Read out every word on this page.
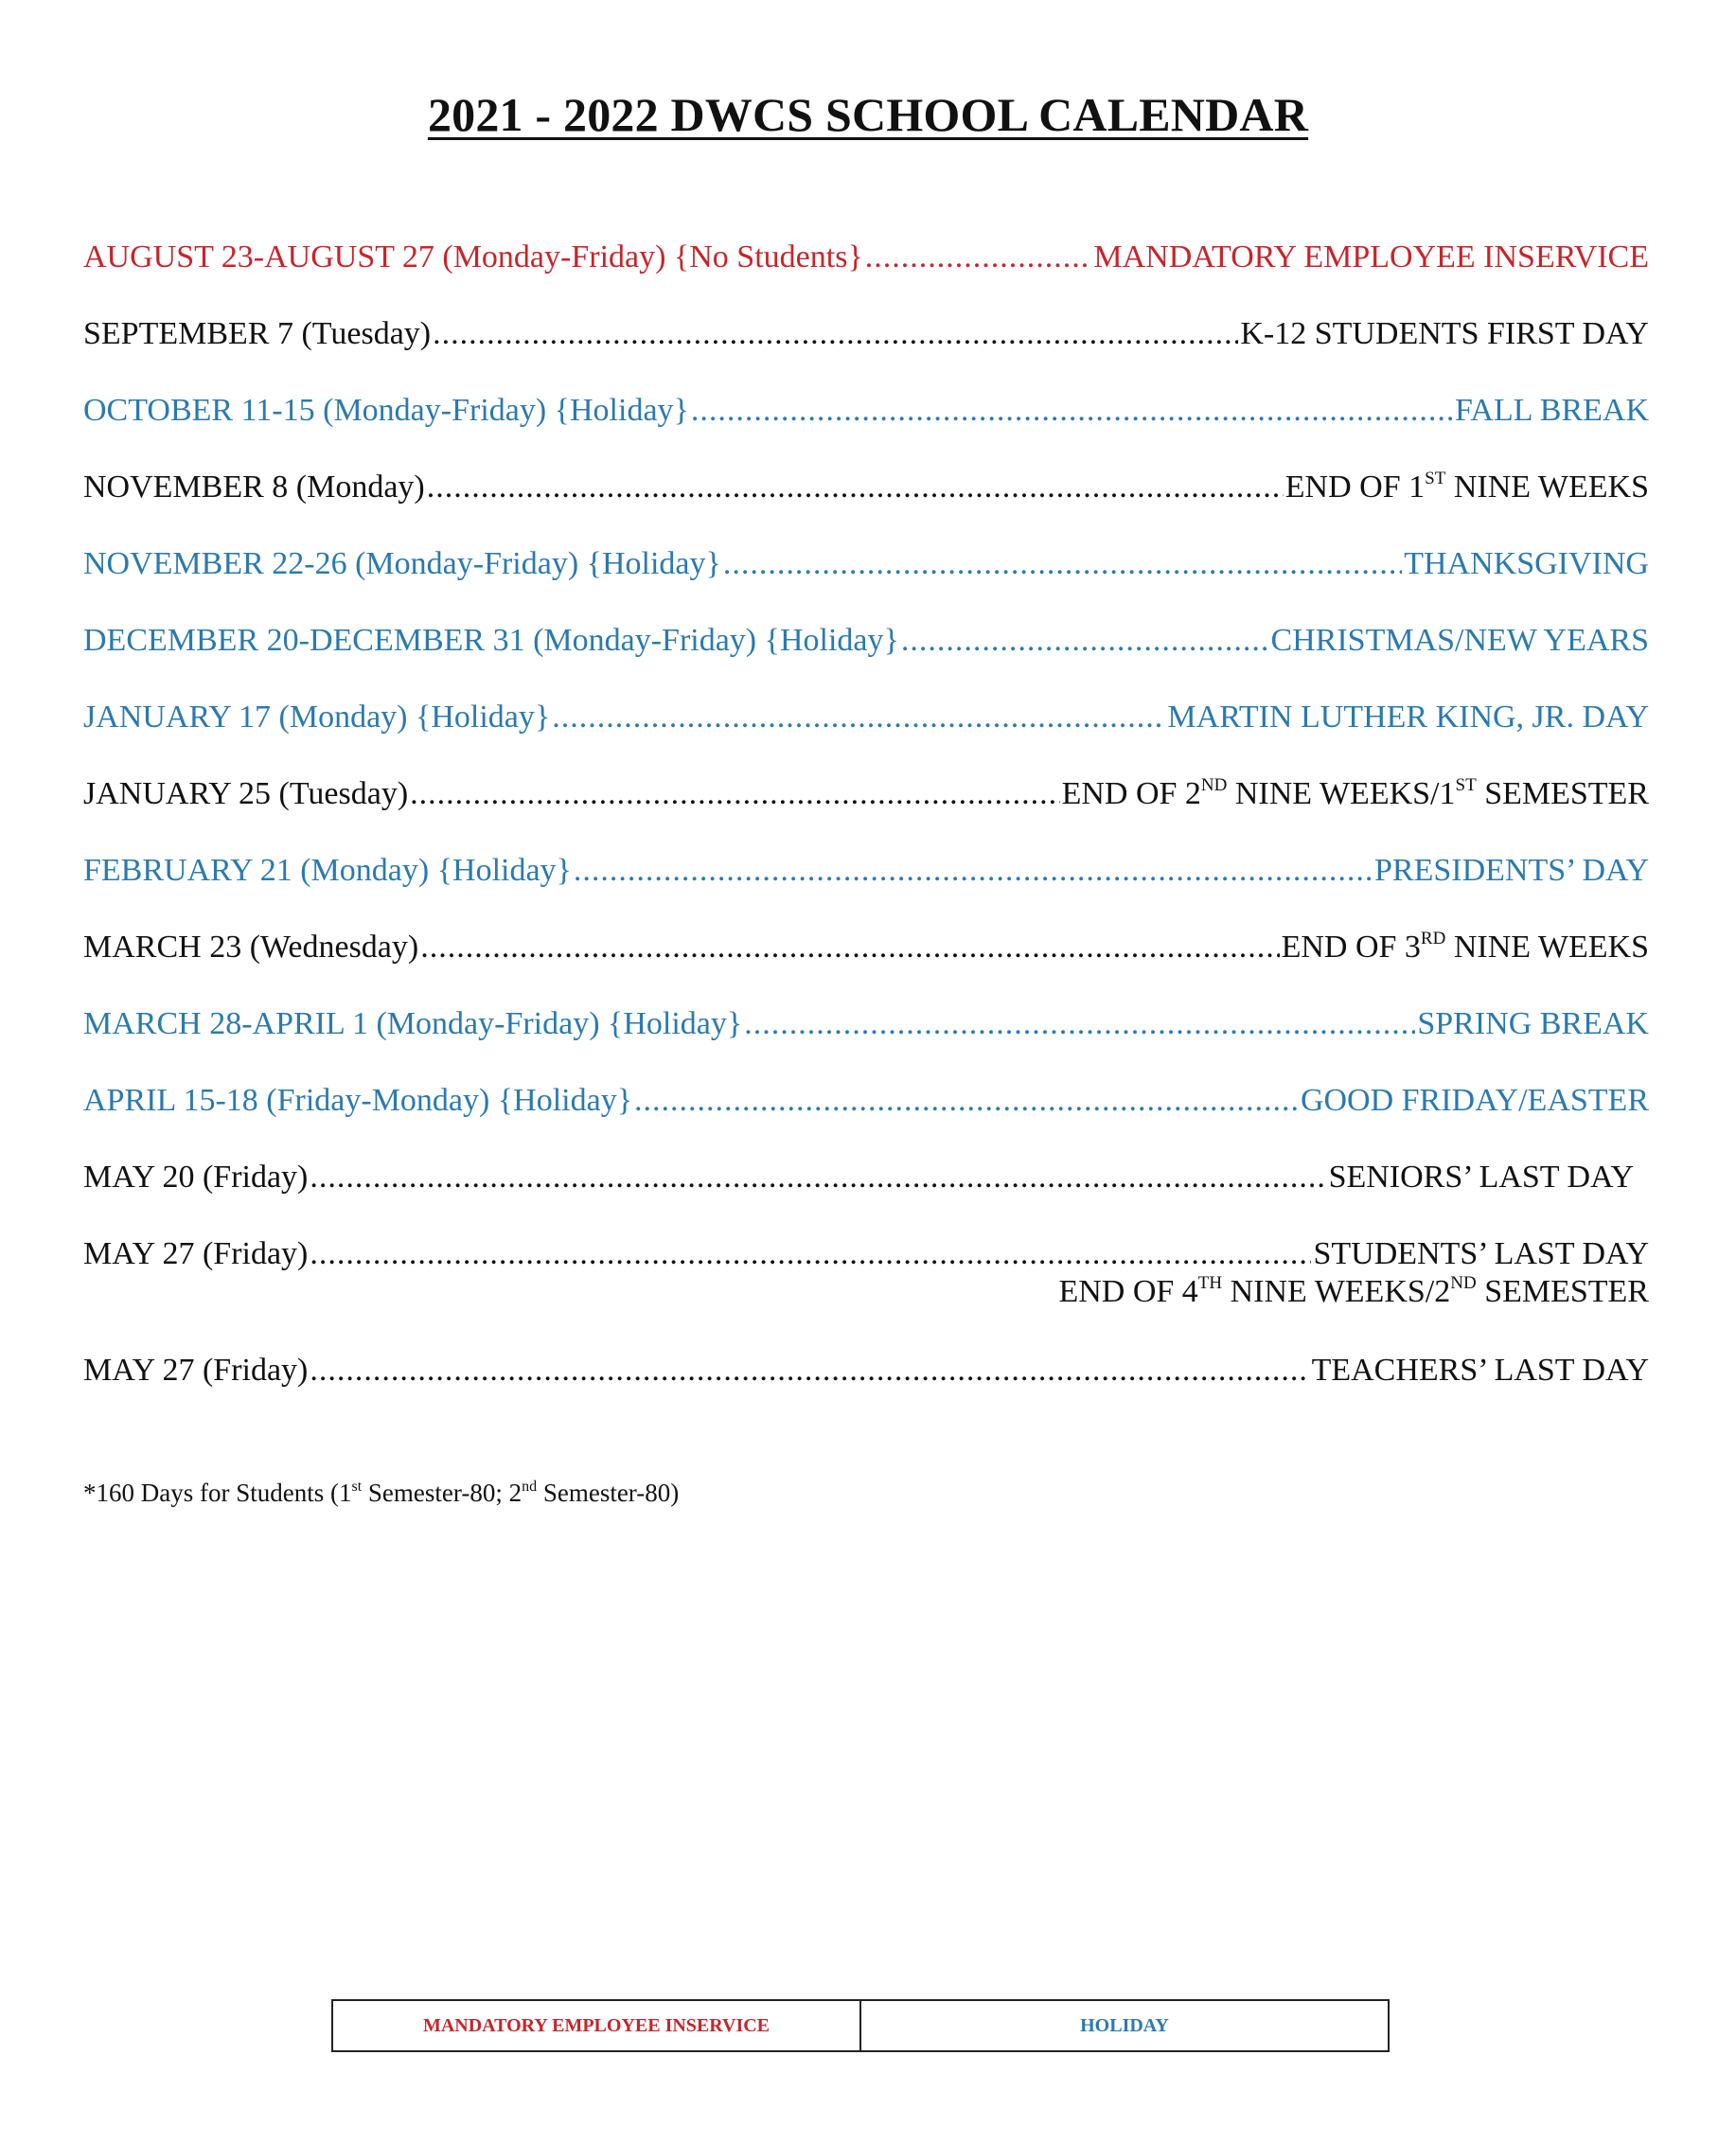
2021 - 2022 DWCS SCHOOL CALENDAR
AUGUST 23-AUGUST 27 (Monday-Friday) {No Students} .....	MANDATORY EMPLOYEE INSERVICE
SEPTEMBER 7 (Tuesday) .....	K-12 STUDENTS FIRST DAY
OCTOBER 11-15 (Monday-Friday) {Holiday} .....	FALL BREAK
NOVEMBER 8 (Monday) .....	END OF 1ST NINE WEEKS
NOVEMBER 22-26 (Monday-Friday) {Holiday} .....	THANKSGIVING
DECEMBER 20-DECEMBER 31 (Monday-Friday) {Holiday} .....	CHRISTMAS/NEW YEARS
JANUARY 17 (Monday) {Holiday} .....	MARTIN LUTHER KING, JR. DAY
JANUARY 25 (Tuesday) .....	END OF 2ND NINE WEEKS/1ST SEMESTER
FEBRUARY 21 (Monday) {Holiday} .....	PRESIDENTS’ DAY
MARCH 23 (Wednesday) .....	END OF 3RD NINE WEEKS
MARCH 28-APRIL 1 (Monday-Friday) {Holiday} .....	SPRING BREAK
APRIL 15-18 (Friday-Monday) {Holiday} .....	GOOD FRIDAY/EASTER
MAY 20 (Friday) .....	SENIORS’ LAST DAY
MAY 27 (Friday) .....	STUDENTS’ LAST DAY
END OF 4TH NINE WEEKS/2ND SEMESTER
MAY 27 (Friday) .....	TEACHERS’ LAST DAY
*160 Days for Students (1st Semester-80; 2nd Semester-80)
MANDATORY EMPLOYEE INSERVICE	HOLIDAY
